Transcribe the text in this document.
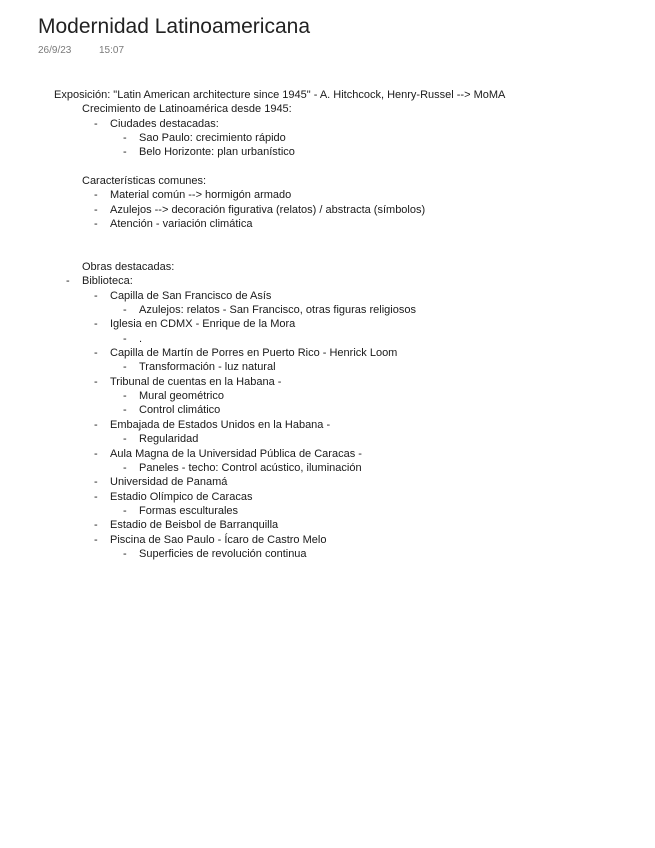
Modernidad Latinoamericana
26/9/23	15:07
Exposición: "Latin American architecture since 1945" - A. Hitchcock, Henry-Russel --> MoMA
Crecimiento de Latinoamérica desde 1945:
- Ciudades destacadas:
- Sao Paulo: crecimiento rápido
- Belo Horizonte: plan urbanístico
Características comunes:
- Material común --> hormigón armado
- Azulejos --> decoración figurativa (relatos) / abstracta (símbolos)
- Atención - variación climática
Obras destacadas:
- Biblioteca:
- Capilla de San Francisco de Asís
- Azulejos: relatos - San Francisco, otras figuras religiosos
- Iglesia en CDMX - Enrique de la Mora
- .
- Capilla de Martín de Porres en Puerto Rico - Henrick Loom
- Transformación - luz natural
- Tribunal de cuentas en la Habana -
- Mural geométrico
- Control climático
- Embajada de Estados Unidos en la Habana -
- Regularidad
- Aula Magna de la Universidad Pública de Caracas -
- Paneles - techo: Control acústico, iluminación
- Universidad de Panamá
- Estadio Olímpico de Caracas
- Formas esculturales
- Estadio de Beisbol de Barranquilla
- Piscina de Sao Paulo - Ícaro de Castro Melo
- Superficies de revolución continua
